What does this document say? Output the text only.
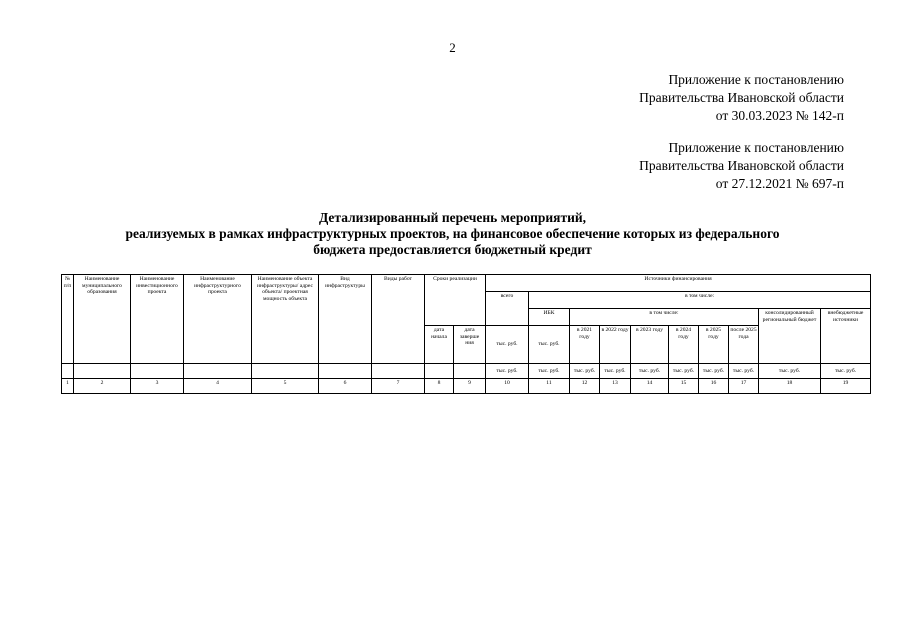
2
Приложение к постановлению
Правительства Ивановской области
от 30.03.2023 № 142-п
Приложение к постановлению
Правительства Ивановской области
от 27.12.2021 № 697-п
Детализированный перечень мероприятий,
реализуемых в рамках инфраструктурных проектов, на финансовое обеспечение которых из федерального
бюджета предоставляется бюджетный кредит
№ п/п	Наименование муниципального образования	Наименование инвестиционного проекта	Наименование инфраструктурного проекта	Наименование объекта инфраструктуры/ адрес объекта/ проектная мощность объекта	Вид инфраструктуры	Виды работ	Сроки реализации		Источники финансирования									
									всего	в том числе:								
										ИБК	в том числе:						консолидированный региональный бюджет	внебюджетные источники
							дата начала	дата заверше ния			в 2021 году	в 2022 году	в 2023 году	в 2024 году	в 2025 году	после 2025 года		
									тыс. руб.	тыс. руб.								
									тыс. руб.	тыс. руб.	тыс. руб.	тыс. руб.	тыс. руб.	тыс. руб.	тыс. руб.	тыс. руб.	тыс. руб.	тыс. руб.
1	2	3	4	5	6	7	8	9	10	11	12	13	14	15	16	17	18	19
